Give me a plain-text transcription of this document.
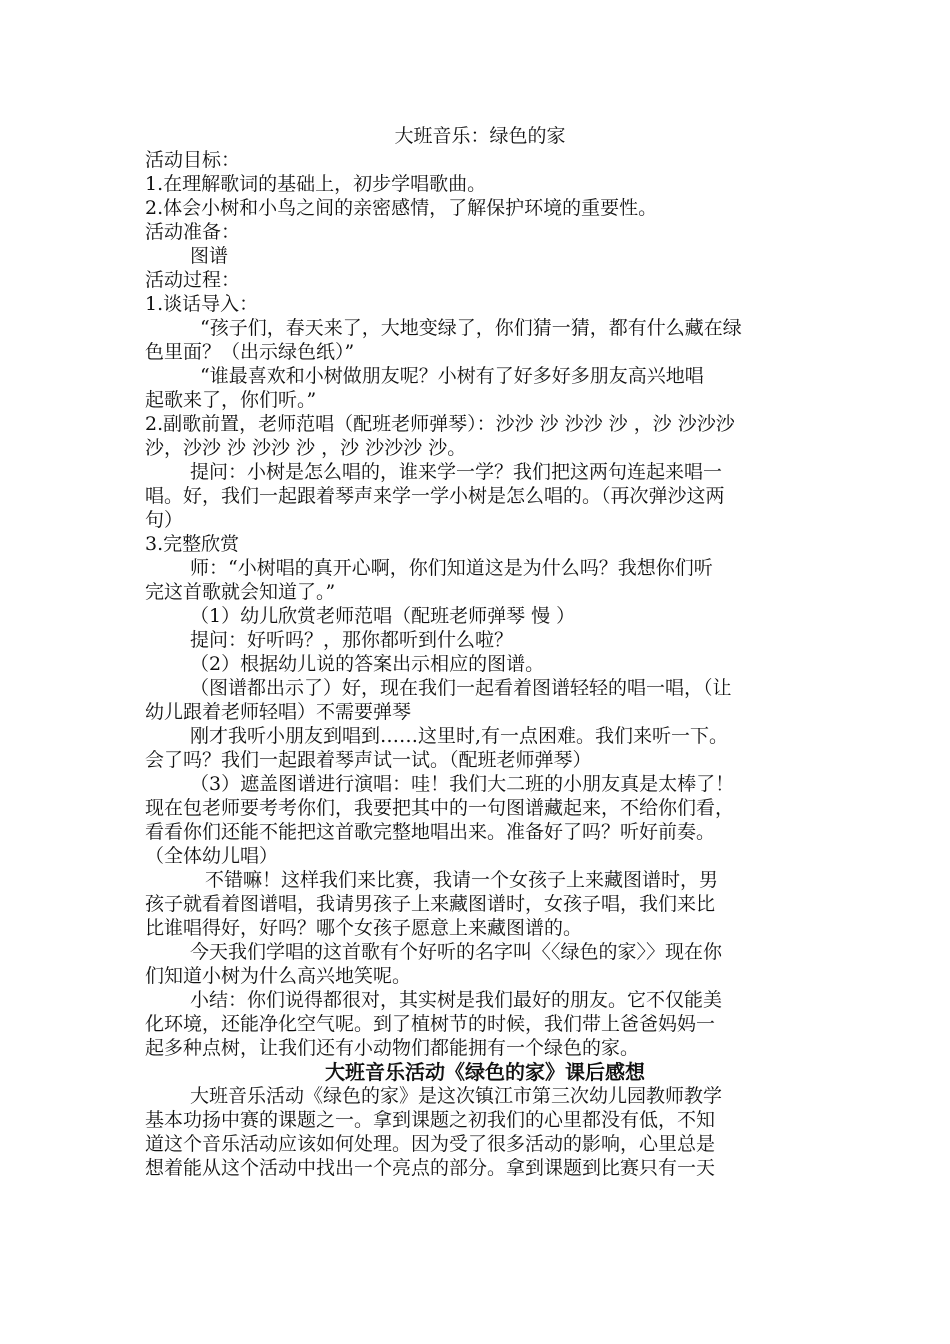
大班音乐：绿色的家
活动目标：
1.在理解歌词的基础上，初步学唱歌曲。
2.体会小树和小鸟之间的亲密感情，了解保护环境的重要性。
活动准备：
图谱
活动过程：
1.谈话导入：
“孩子们，春天来了，大地变绿了，你们猜一猜，都有什么藏在绿
色里面？（出示绿色纸）”
“谁最喜欢和小树做朋友呢？小树有了好多好多朋友高兴地唱
起歌来了，你们听。”
2.副歌前置，老师范唱（配班老师弹琴）：沙沙 沙 沙沙 沙 ，沙 沙沙沙
沙，沙沙 沙 沙沙 沙 ，沙 沙沙沙 沙。
提问：小树是怎么唱的，谁来学一学？我们把这两句连起来唱一
唱。好，我们一起跟着琴声来学一学小树是怎么唱的。（再次弹沙这两
句）
3.完整欣赏
师：“小树唱的真开心啊，你们知道这是为什么吗？我想你们听
完这首歌就会知道了。”
（1）幼儿欣赏老师范唱（配班老师弹琴 慢 ）
提问：好听吗？，那你都听到什么啦？
（2）根据幼儿说的答案出示相应的图谱。
（图谱都出示了）好，现在我们一起看着图谱轻轻的唱一唱，（让
幼儿跟着老师轻唱）不需要弹琴
刚才我听小朋友到唱到……这里时,有一点困难。我们来听一下。
会了吗？我们一起跟着琴声试一试。（配班老师弹琴）
（3）遮盖图谱进行演唱：哇！我们大二班的小朋友真是太棒了！
现在包老师要考考你们，我要把其中的一句图谱藏起来，不给你们看，
看看你们还能不能把这首歌完整地唱出来。准备好了吗？听好前奏。
（全体幼儿唱）
不错嘛！这样我们来比赛，我请一个女孩子上来藏图谱时，男
孩子就看着图谱唱，我请男孩子上来藏图谱时，女孩子唱，我们来比
比谁唱得好，好吗？哪个女孩子愿意上来藏图谱的。
今天我们学唱的这首歌有个好听的名字叫〈〈绿色的家〉〉现在你
们知道小树为什么高兴地笑呢。
小结：你们说得都很对，其实树是我们最好的朋友。它不仅能美
化环境，还能净化空气呢。到了植树节的时候，我们带上爸爸妈妈一
起多种点树，让我们还有小动物们都能拥有一个绿色的家。
大班音乐活动《绿色的家》课后感想
大班音乐活动《绿色的家》是这次镇江市第三次幼儿园教师教学
基本功扬中赛的课题之一。拿到课题之初我们的心里都没有低，不知
道这个音乐活动应该如何处理。因为受了很多活动的影响，心里总是
想着能从这个活动中找出一个亮点的部分。拿到课题到比赛只有一天
